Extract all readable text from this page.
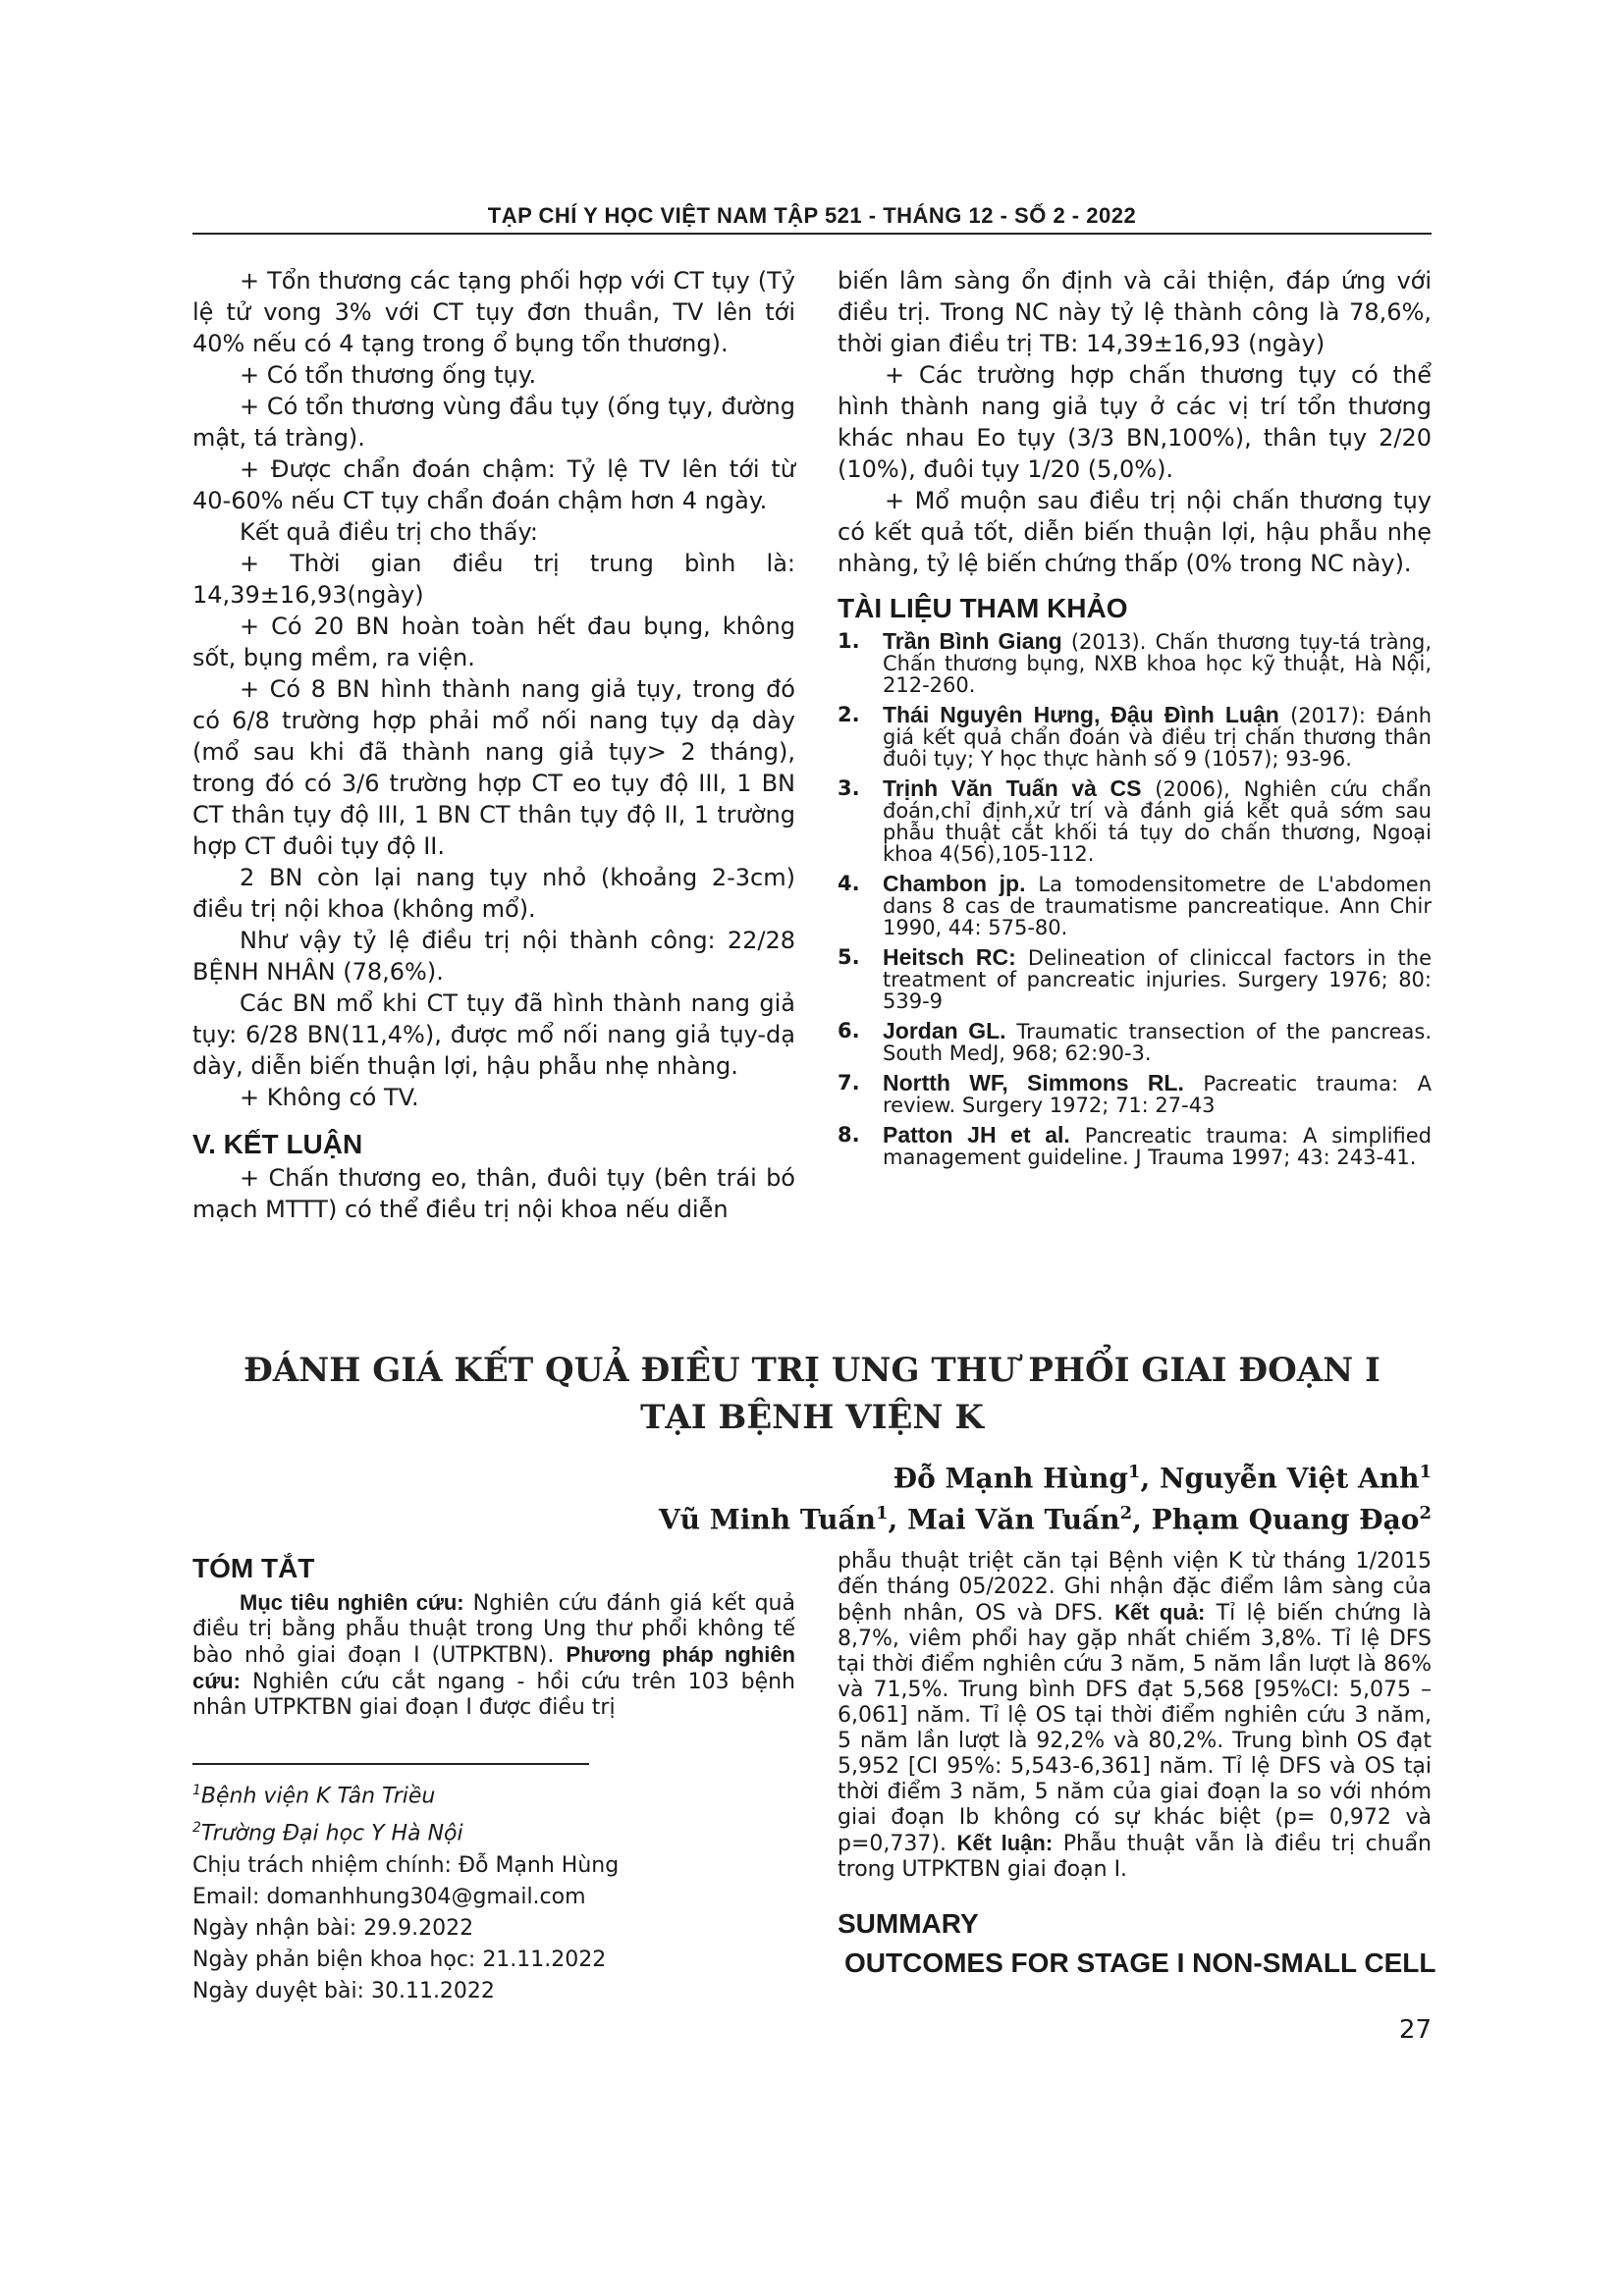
TẠP CHÍ Y HỌC VIỆT NAM TẬP 521 - THÁNG 12 - SỐ 2 - 2022

+ Tổn thương các tạng phối hợp với CT tụy (Tỷ lệ tử vong 3% với CT tụy đơn thuần, TV lên tới 40% nếu có 4 tạng trong ổ bụng tổn thương).

+ Có tổn thương ống tụy.

+ Có tổn thương vùng đầu tụy (ống tụy, đường mật, tá tràng).

+ Được chẩn đoán chậm: Tỷ lệ TV lên tới từ 40-60% nếu CT tụy chẩn đoán chậm hơn 4 ngày.

Kết quả điều trị cho thấy:

+ Thời gian điều trị trung bình là: 14,39±16,93(ngày)

+ Có 20 BN hoàn toàn hết đau bụng, không sốt, bụng mềm, ra viện.

+ Có 8 BN hình thành nang giả tụy, trong đó có 6/8 trường hợp phải mổ nối nang tụy dạ dày (mổ sau khi đã thành nang giả tụy> 2 tháng), trong đó có 3/6 trường hợp CT eo tụy độ III, 1 BN CT thân tụy độ III, 1 BN CT thân tụy độ II, 1 trường hợp CT đuôi tụy độ II.

2 BN còn lại nang tụy nhỏ (khoảng 2-3cm) điều trị nội khoa (không mổ).

Như vậy tỷ lệ điều trị nội thành công: 22/28 BỆNH NHÂN (78,6%).

Các BN mổ khi CT tụy đã hình thành nang giả tụy: 6/28 BN(11,4%), được mổ nối nang giả tụy-dạ dày, diễn biến thuận lợi, hậu phẫu nhẹ nhàng.

+ Không có TV.

V. KẾT LUẬN

+ Chấn thương eo, thân, đuôi tụy (bên trái bó mạch MTTT) có thể điều trị nội khoa nếu diễn

biến lâm sàng ổn định và cải thiện, đáp ứng với điều trị. Trong NC này tỷ lệ thành công là 78,6%, thời gian điều trị TB: 14,39±16,93 (ngày)

+ Các trường hợp chấn thương tụy có thể hình thành nang giả tụy ở các vị trí tổn thương khác nhau Eo tụy (3/3 BN,100%), thân tụy 2/20 (10%), đuôi tụy 1/20 (5,0%).

+ Mổ muộn sau điều trị nội chấn thương tụy có kết quả tốt, diễn biến thuận lợi, hậu phẫu nhẹ nhàng, tỷ lệ biến chứng thấp (0% trong NC này).

TÀI LIỆU THAM KHẢO

1. Trần Bình Giang (2013). Chấn thương tụy-tá tràng, Chấn thương bụng, NXB khoa học kỹ thuật, Hà Nội, 212-260.
2. Thái Nguyên Hưng, Đậu Đình Luận (2017): Đánh giá kết quả chẩn đoán và điều trị chấn thương thân đuôi tụy; Y học thực hành số 9 (1057); 93-96.
3. Trịnh Văn Tuấn và CS (2006), Nghiên cứu chẩn đoán,chỉ định,xử trí và đánh giá kết quả sớm sau phẫu thuật cắt khối tá tụy do chấn thương, Ngoại khoa 4(56),105-112.
4. Chambon jp. La tomodensitometre de L'abdomen dans 8 cas de traumatisme pancreatique. Ann Chir 1990, 44: 575-80.
5. Heitsch RC: Delineation of cliniccal factors in the treatment of pancreatic injuries. Surgery 1976; 80: 539-9
6. Jordan GL. Traumatic transection of the pancreas. South MedJ, 968; 62:90-3.
7. Nortth WF, Simmons RL. Pacreatic trauma: A review. Surgery 1972; 71: 27-43
8. Patton JH et al. Pancreatic trauma: A simplified management guideline. J Trauma 1997; 43: 243-41.
ĐÁNH GIÁ KẾT QUẢ ĐIỀU TRỊ UNG THƯ PHỔI GIAI ĐOẠN I
TẠI BỆNH VIỆN K
Đỗ Mạnh Hùng$^1$, Nguyễn Việt Anh$^1$
Vũ Minh Tuấn$^1$, Mai Văn Tuấn$^2$, Phạm Quang Đạo$^2$

TÓM TẮT

Mục tiêu nghiên cứu: Nghiên cứu đánh giá kết quả điều trị bằng phẫu thuật trong Ung thư phổi không tế bào nhỏ giai đoạn I (UTPKTBN). Phương pháp nghiên cứu: Nghiên cứu cắt ngang - hồi cứu trên 103 bệnh nhân UTPKTBN giai đoạn I được điều trị

phẫu thuật triệt căn tại Bệnh viện K từ tháng 1/2015 đến tháng 05/2022. Ghi nhận đặc điểm lâm sàng của bệnh nhân, OS và DFS. Kết quả: Tỉ lệ biến chứng là 8,7%, viêm phổi hay gặp nhất chiếm 3,8%. Tỉ lệ DFS tại thời điểm nghiên cứu 3 năm, 5 năm lần lượt là 86% và 71,5%. Trung bình DFS đạt 5,568 [95%CI: 5,075 – 6,061] năm. Tỉ lệ OS tại thời điểm nghiên cứu 3 năm, 5 năm lần lượt là 92,2% và 80,2%. Trung bình OS đạt 5,952 [CI 95%: 5,543-6,361] năm. Tỉ lệ DFS và OS tại thời điểm 3 năm, 5 năm của giai đoạn Ia so với nhóm giai đoạn Ib không có sự khác biệt (p= 0,972 và p=0,737). Kết luận: Phẫu thuật vẫn là điều trị chuẩn trong UTPKTBN giai đoạn I.

$^1$Bệnh viện K Tân Triều

$^2$Trường Đại học Y Hà Nội

Chịu trách nhiệm chính: Đỗ Mạnh Hùng

Email: domanhhung304@gmail.com

Ngày nhận bài: 29.9.2022

Ngày phản biện khoa học: 21.11.2022

Ngày duyệt bài: 30.11.2022

SUMMARY
OUTCOMES FOR STAGE I NON-SMALL CELL
27
